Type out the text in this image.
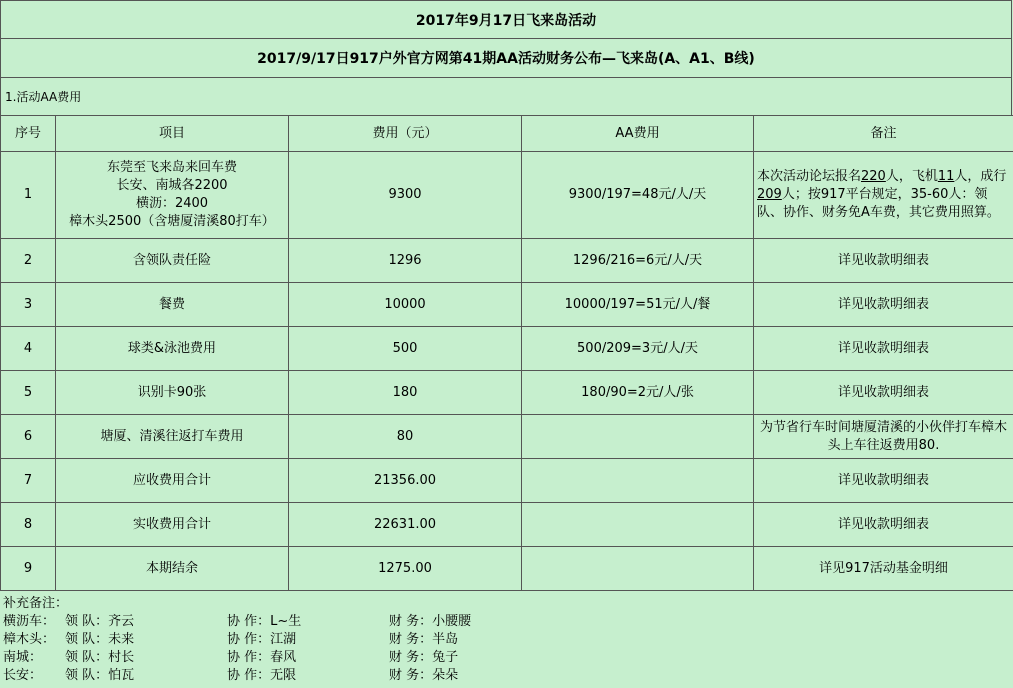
2017年9月17日飞来岛活动
2017/9/17日917户外官方网第41期AA活动财务公布—飞来岛(A、A1、B线)
1.活动AA费用
序号	项目	费用（元）	AA费用	备注
1	东莞至飞来岛来回车费
长安、南城各2200
横沥：2400
樟木头2500（含塘厦清溪80打车）	9300	9300/197=48元/人/天	本次活动论坛报名220人，飞机11人，成行209人；按917平台规定，35-60人：领队、协作、财务免A车费，其它费用照算。
2	含领队责任险	1296	1296/216=6元/人/天	详见收款明细表
3	餐费	10000	10000/197=51元/人/餐	详见收款明细表
4	球类&泳池费用	500	500/209=3元/人/天	详见收款明细表
5	识别卡90张	180	180/90=2元/人/张	详见收款明细表
6	塘厦、清溪往返打车费用	80		为节省行车时间塘厦清溪的小伙伴打车樟木头上车往返费用80.
7	应收费用合计	21356.00		详见收款明细表
8	实收费用合计	22631.00		详见收款明细表
9	本期结余	1275.00		详见917活动基金明细
补充备注：
横沥车： 领 队：齐云	协 作：L~生	财 务：小腰腰
樟木头： 领 队：未来	协 作：江湖	财 务：半岛
南城：	领 队：村长	协 作：春风	财 务：兔子
长安：	领 队：怕瓦	协 作：无限	财 务：朵朵
